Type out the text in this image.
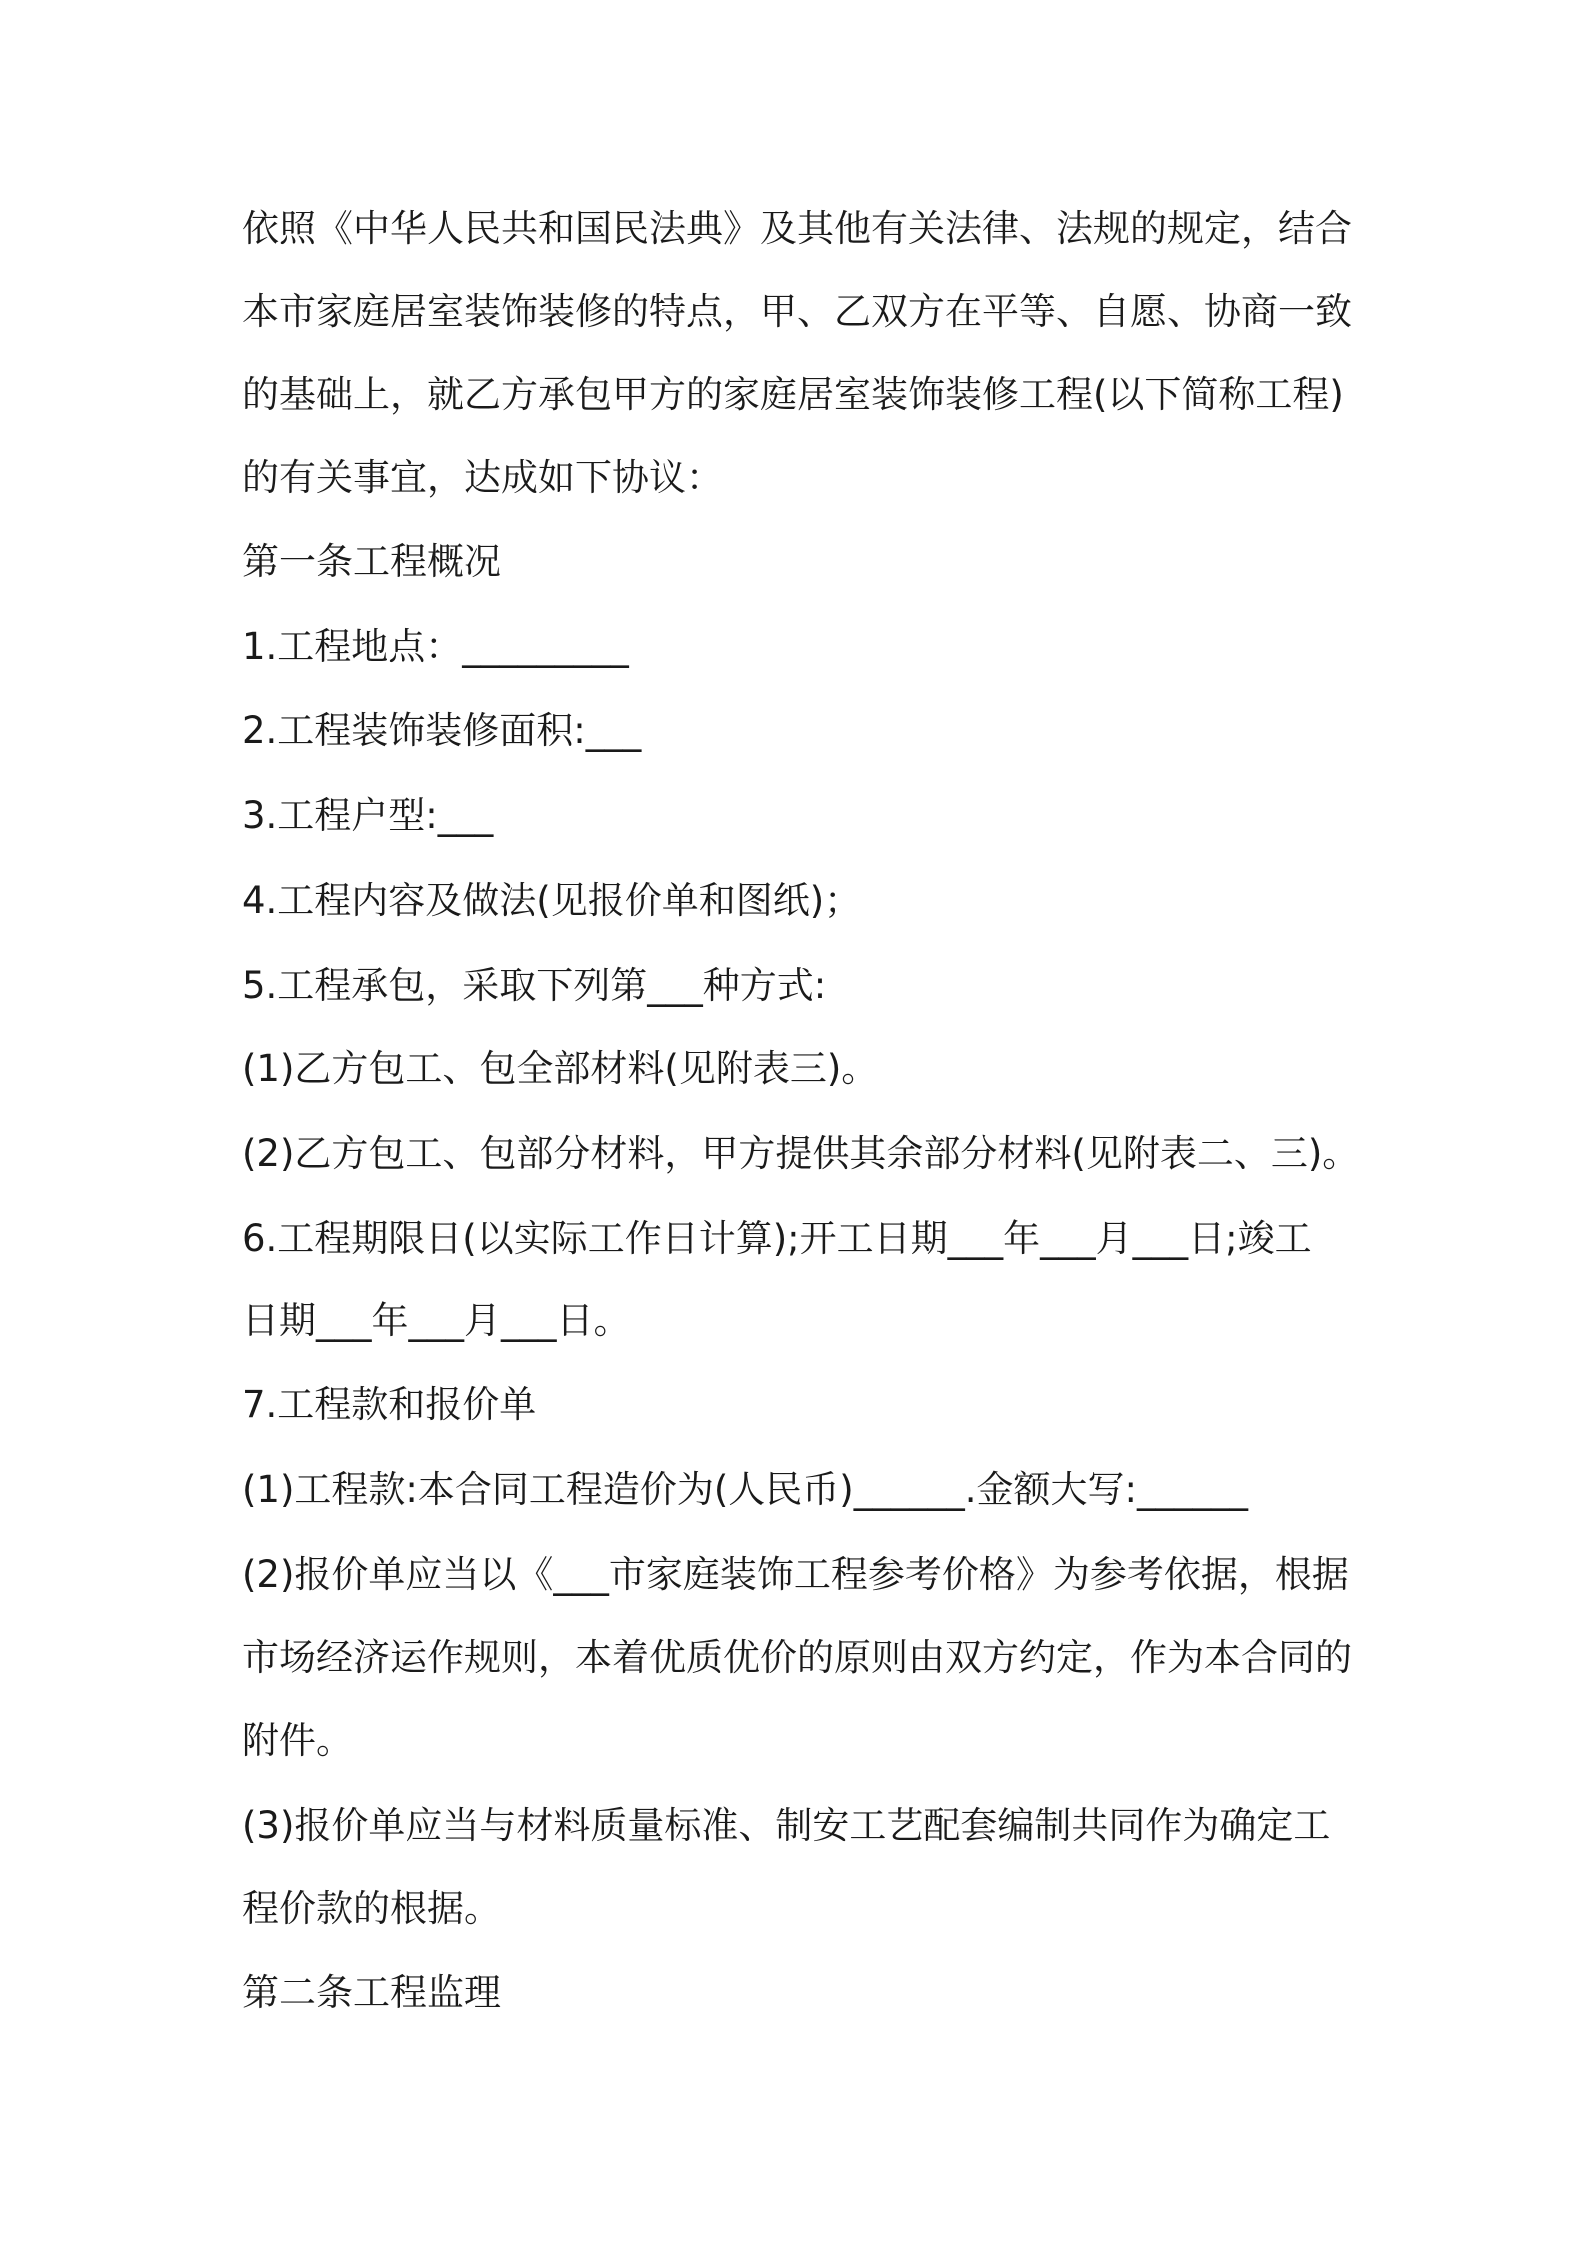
依照《中华人民共和国民法典》及其他有关法律、法规的规定，结合
本市家庭居室装饰装修的特点，甲、乙双方在平等、自愿、协商一致
的基础上，就乙方承包甲方的家庭居室装饰装修工程(以下简称工程)
的有关事宜，达成如下协议：
第一条工程概况
1.工程地点：_________
2.工程装饰装修面积:___
3.工程户型:___
4.工程内容及做法(见报价单和图纸)；
5.工程承包，采取下列第___种方式:
(1)乙方包工、包全部材料(见附表三)。
(2)乙方包工、包部分材料，甲方提供其余部分材料(见附表二、三)。
6.工程期限日(以实际工作日计算);开工日期___年___月___日;竣工
日期___年___月___日。
7.工程款和报价单
(1)工程款:本合同工程造价为(人民币)______.金额大写:______
(2)报价单应当以《___市家庭装饰工程参考价格》为参考依据，根据
市场经济运作规则，本着优质优价的原则由双方约定，作为本合同的
附件。
(3)报价单应当与材料质量标准、制安工艺配套编制共同作为确定工
程价款的根据。
第二条工程监理
